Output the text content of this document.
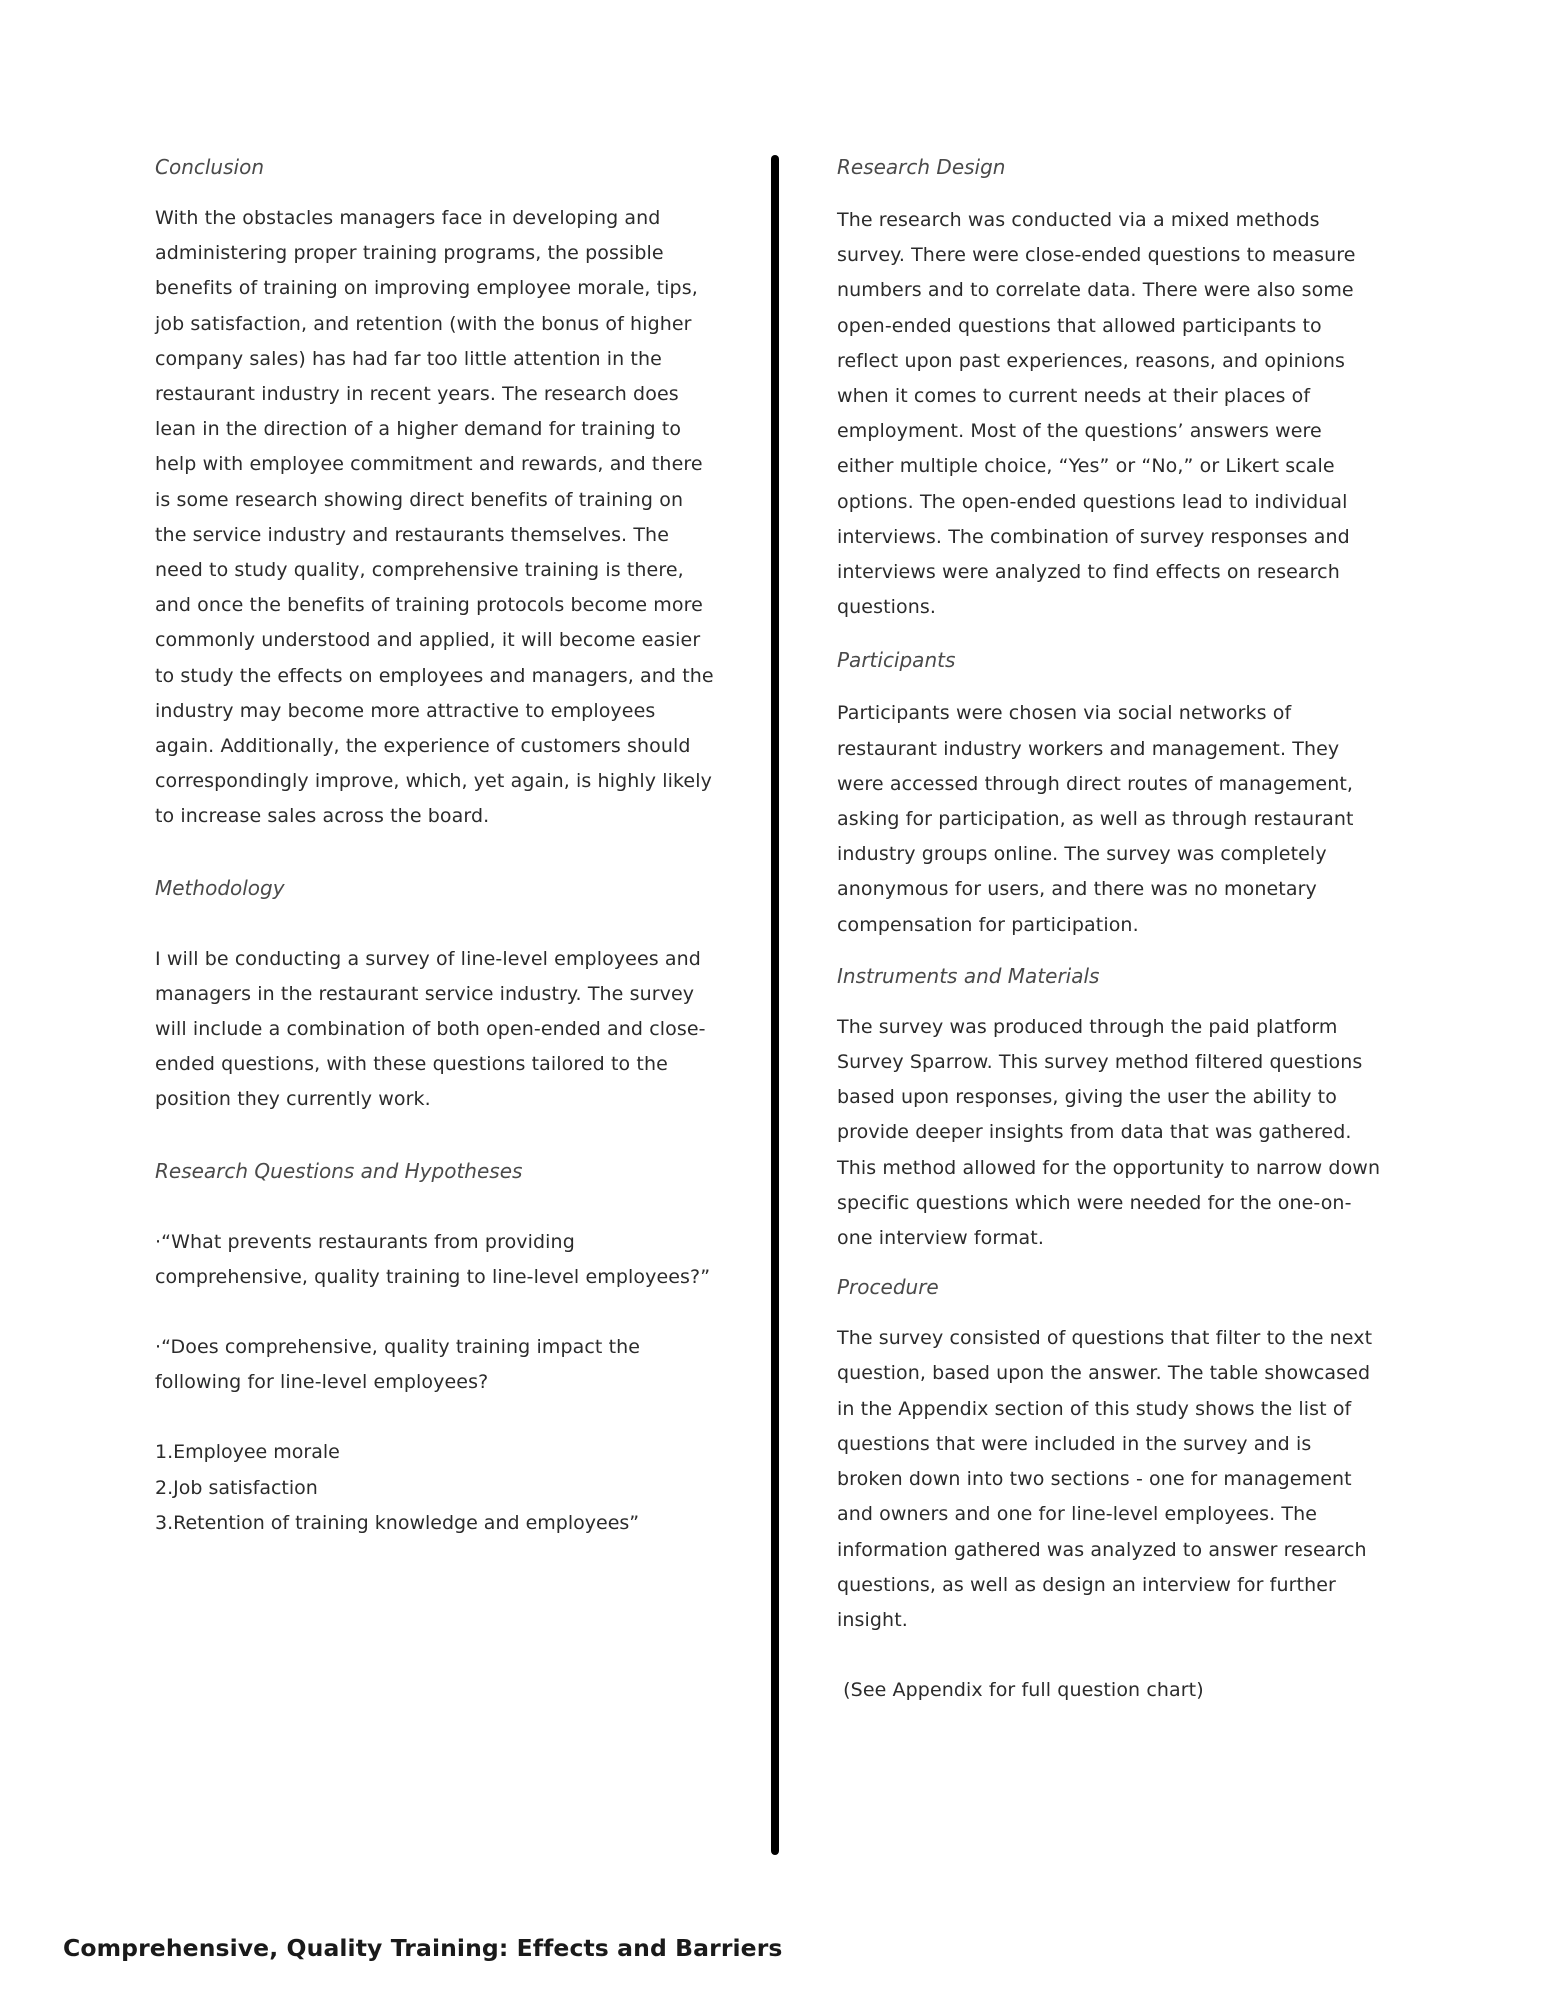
Conclusion

With the obstacles managers face in developing and administering proper training programs, the possible benefits of training on improving employee morale, tips, job satisfaction, and retention (with the bonus of higher company sales) has had far too little attention in the restaurant industry in recent years. The research does lean in the direction of a higher demand for training to help with employee commitment and rewards, and there is some research showing direct benefits of training on the service industry and restaurants themselves. The need to study quality, comprehensive training is there, and once the benefits of training protocols become more commonly understood and applied, it will become easier to study the effects on employees and managers, and the industry may become more attractive to employees again. Additionally, the experience of customers should correspondingly improve, which, yet again, is highly likely to increase sales across the board.

Methodology

I will be conducting a survey of line-level employees and managers in the restaurant service industry. The survey will include a combination of both open-ended and close-ended questions, with these questions tailored to the position they currently work.

Research Questions and Hypotheses

·“What prevents restaurants from providing comprehensive, quality training to line-level employees?”

·“Does comprehensive, quality training impact the following for line-level employees?

1.Employee morale
2.Job satisfaction
3.Retention of training knowledge and employees”
Research Design

The research was conducted via a mixed methods survey. There were close-ended questions to measure numbers and to correlate data. There were also some open-ended questions that allowed participants to reflect upon past experiences, reasons, and opinions when it comes to current needs at their places of employment. Most of the questions’ answers were either multiple choice, “Yes” or “No,” or Likert scale options. The open-ended questions lead to individual interviews. The combination of survey responses and interviews were analyzed to find effects on research questions.

Participants

Participants were chosen via social networks of restaurant industry workers and management. They were accessed through direct routes of management, asking for participation, as well as through restaurant industry groups online. The survey was completely anonymous for users, and there was no monetary compensation for participation.

Instruments and Materials

The survey was produced through the paid platform Survey Sparrow. This survey method filtered questions based upon responses, giving the user the ability to provide deeper insights from data that was gathered. This method allowed for the opportunity to narrow down specific questions which were needed for the one-on-one interview format.

Procedure

The survey consisted of questions that filter to the next question, based upon the answer. The table showcased in the Appendix section of this study shows the list of questions that were included in the survey and is broken down into two sections - one for management and owners and one for line-level employees. The information gathered was analyzed to answer research questions, as well as design an interview for further insight.

(See Appendix for full question chart)

Comprehensive, Quality Training: Effects and Barriers
